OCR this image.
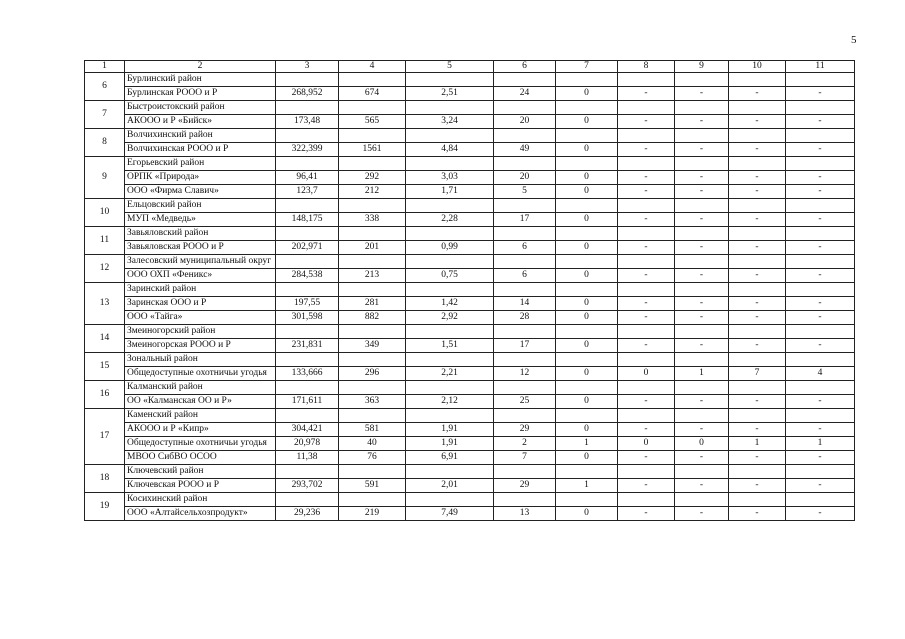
5
1	2	3	4	5	6	7	8	9	10	11
6	Бурлинский район									
	Бурлинская РООО и Р	268,952	674	2,51	24	0	-	-	-	-
7	Быстроистокский район									
	АКООО и Р «Бийск»	173,48	565	3,24	20	0	-	-	-	-
8	Волчихинский район									
	Волчихинская РООО и Р	322,399	1561	4,84	49	0	-	-	-	-
9	Егорьевский район									
	ОРПК «Природа»	96,41	292	3,03	20	0	-	-	-	-
	ООО «Фирма Славич»	123,7	212	1,71	5	0	-	-	-	-
10	Ельцовский район									
	МУП «Медведь»	148,175	338	2,28	17	0	-	-	-	-
11	Завьяловский район									
	Завьяловская РООО и Р	202,971	201	0,99	6	0	-	-	-	-
12	Залесовский муниципальный округ									
	ООО ОХП «Феникс»	284,538	213	0,75	6	0	-	-	-	-
13	Заринский район									
	Заринская ООО и Р	197,55	281	1,42	14	0	-	-	-	-
	ООО «Тайга»	301,598	882	2,92	28	0	-	-	-	-
14	Змеиногорский район									
	Змеиногорская РООО и Р	231,831	349	1,51	17	0	-	-	-	-
15	Зональный район									
	Общедоступные охотничьи угодья	133,666	296	2,21	12	0	0	1	7	4
16	Калманский район									
	ОО «Калманская ОО и Р»	171,611	363	2,12	25	0	-	-	-	-
17	Каменский район									
	АКООО и Р «Кипр»	304,421	581	1,91	29	0	-	-	-	-
	Общедоступные охотничьи угодья	20,978	40	1,91	2	1	0	0	1	1
	МВОО СибВО ОСОО	11,38	76	6,91	7	0	-	-	-	-
18	Ключевский район									
	Ключевская РООО и Р	293,702	591	2,01	29	1	-	-	-	-
19	Косихинский район									
	ООО «Алтайсельхозпродукт»	29,236	219	7,49	13	0	-	-	-	-
